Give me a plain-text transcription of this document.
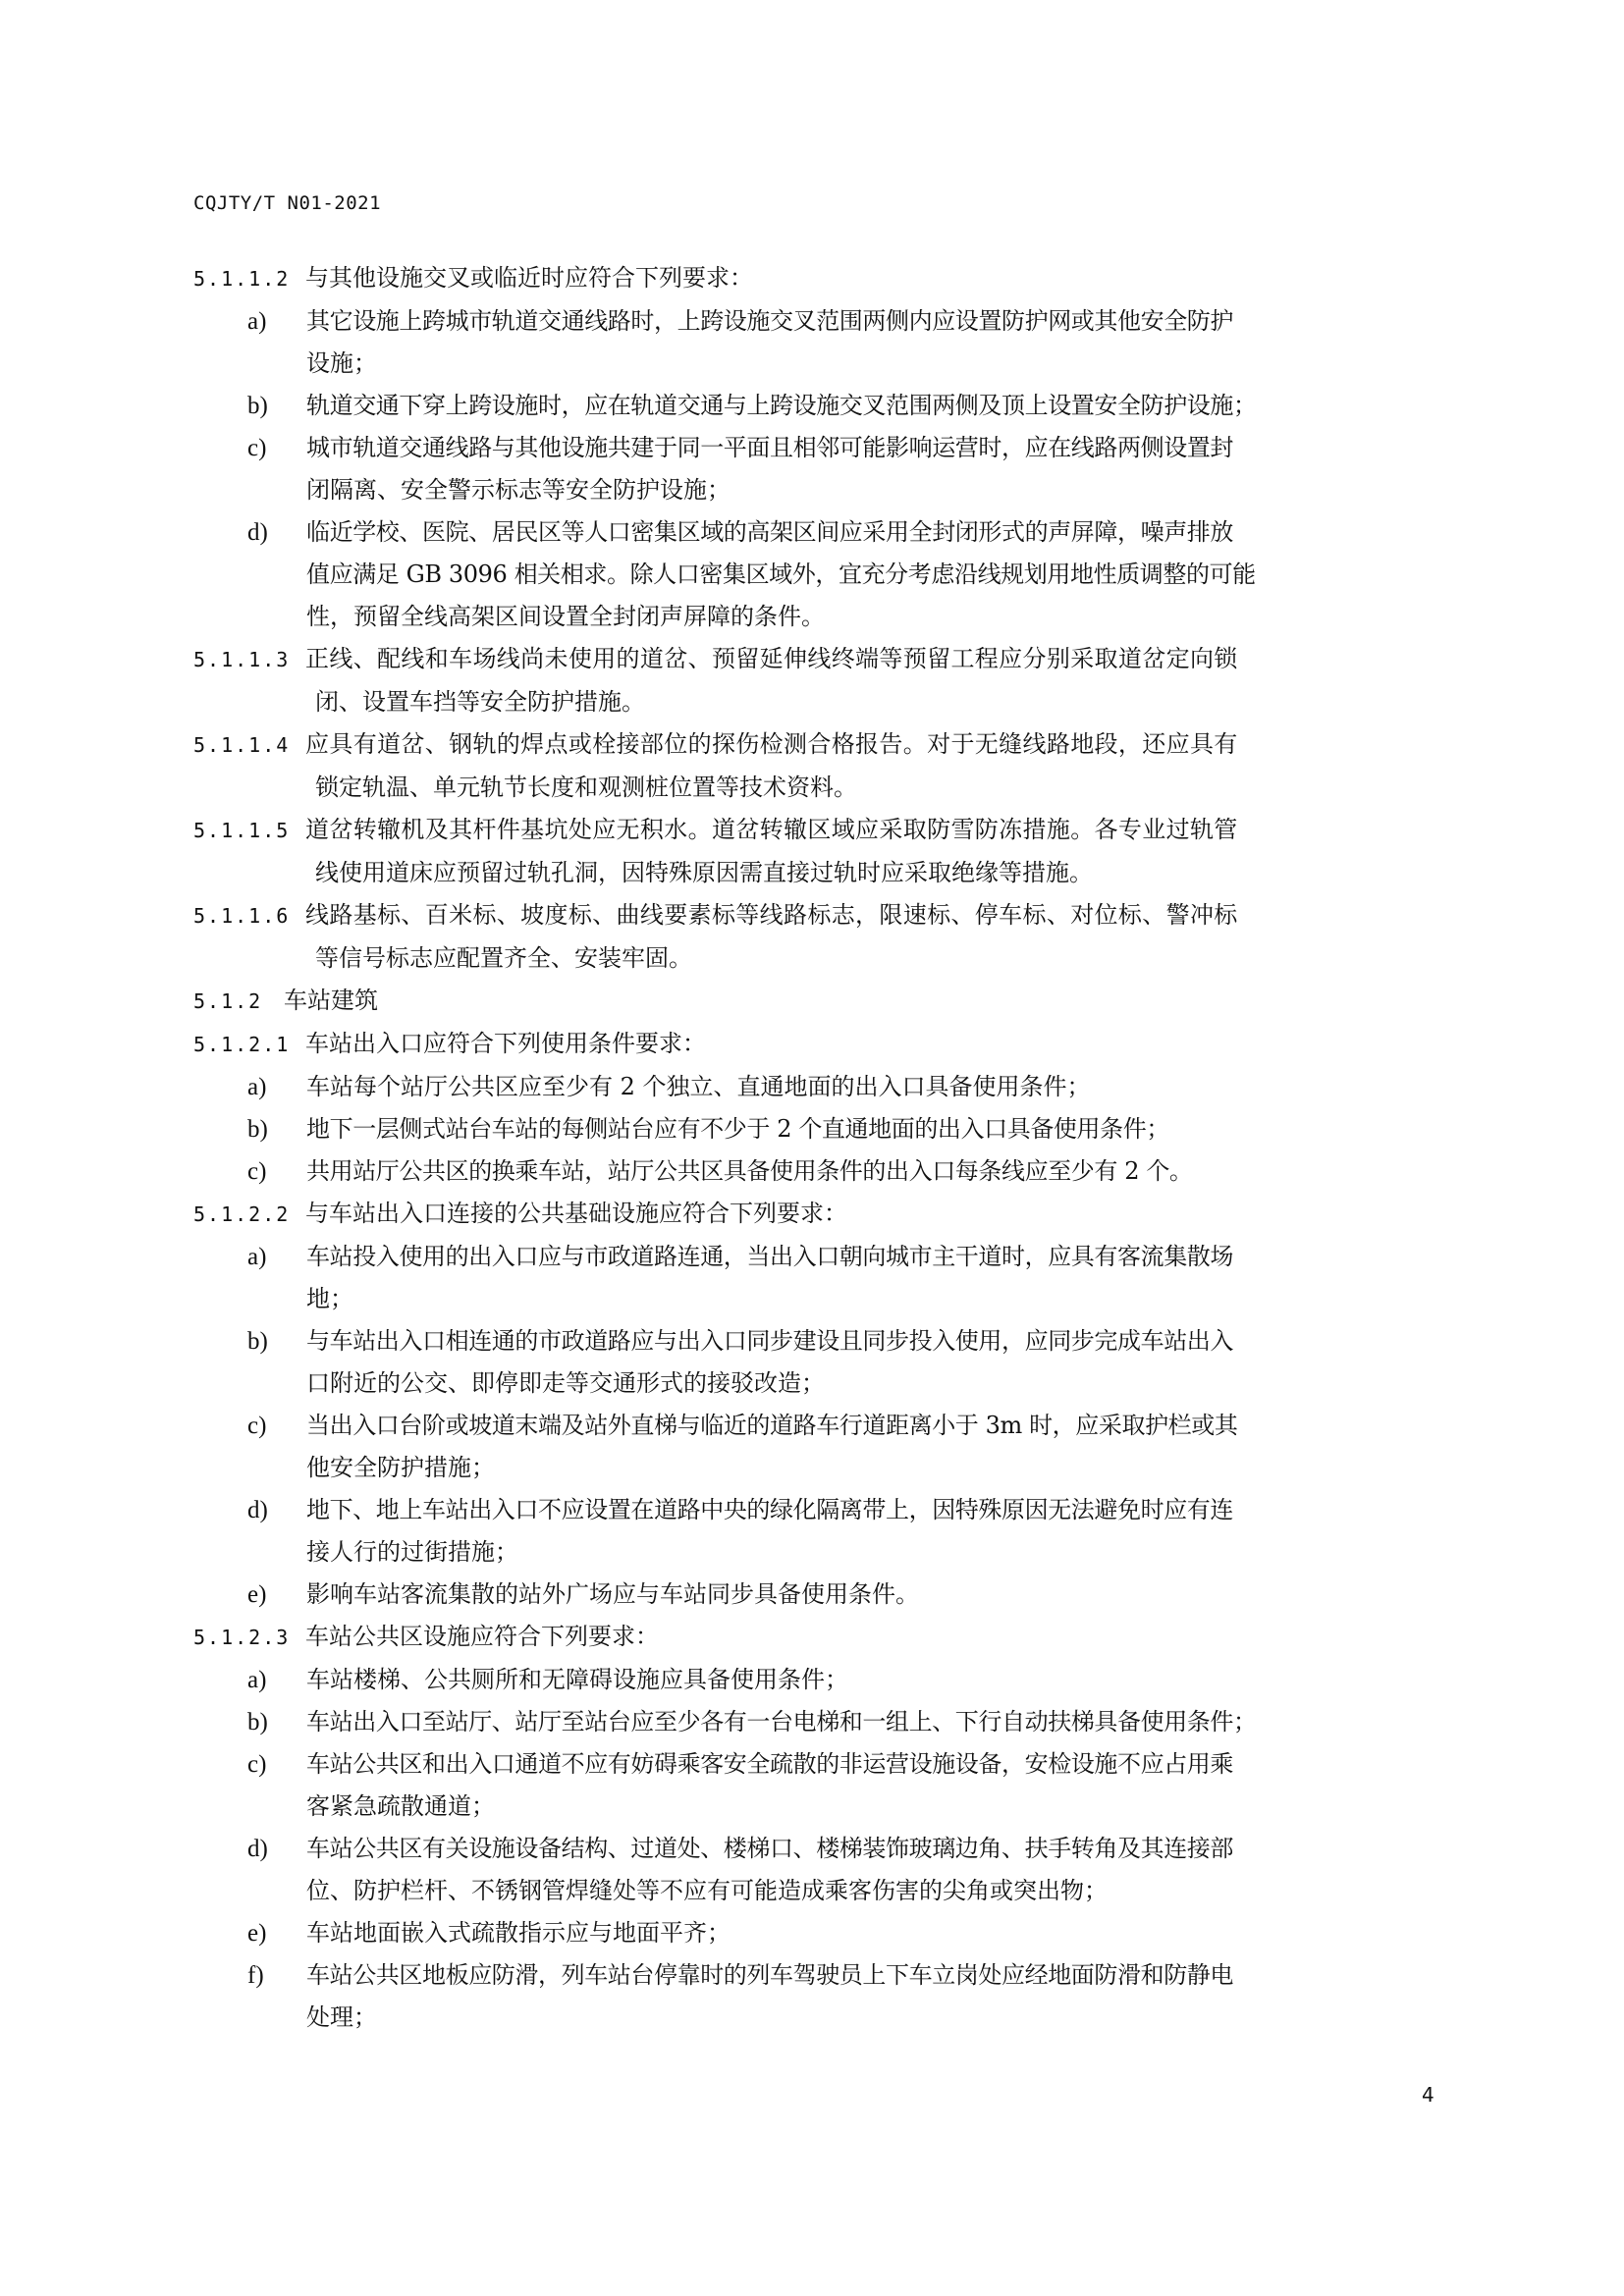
CQJTY/T N01-2021
5.1.1.2 与其他设施交叉或临近时应符合下列要求：
a) 其它设施上跨城市轨道交通线路时，上跨设施交叉范围两侧内应设置防护网或其他安全防护
设施；
b) 轨道交通下穿上跨设施时，应在轨道交通与上跨设施交叉范围两侧及顶上设置安全防护设施；
c) 城市轨道交通线路与其他设施共建于同一平面且相邻可能影响运营时，应在线路两侧设置封
闭隔离、安全警示标志等安全防护设施；
d) 临近学校、医院、居民区等人口密集区域的高架区间应采用全封闭形式的声屏障，噪声排放
值应满足 GB 3096 相关相求。除人口密集区域外，宜充分考虑沿线规划用地性质调整的可能
性，预留全线高架区间设置全封闭声屏障的条件。
5.1.1.3 正线、配线和车场线尚未使用的道岔、预留延伸线终端等预留工程应分别采取道岔定向锁
闭、设置车挡等安全防护措施。
5.1.1.4 应具有道岔、钢轨的焊点或栓接部位的探伤检测合格报告。对于无缝线路地段，还应具有
锁定轨温、单元轨节长度和观测桩位置等技术资料。
5.1.1.5 道岔转辙机及其杆件基坑处应无积水。道岔转辙区域应采取防雪防冻措施。各专业过轨管
线使用道床应预留过轨孔洞，因特殊原因需直接过轨时应采取绝缘等措施。
5.1.1.6 线路基标、百米标、坡度标、曲线要素标等线路标志，限速标、停车标、对位标、警冲标
等信号标志应配置齐全、安装牢固。
5.1.2 车站建筑
5.1.2.1 车站出入口应符合下列使用条件要求：
a) 车站每个站厅公共区应至少有 2 个独立、直通地面的出入口具备使用条件；
b) 地下一层侧式站台车站的每侧站台应有不少于 2 个直通地面的出入口具备使用条件；
c) 共用站厅公共区的换乘车站，站厅公共区具备使用条件的出入口每条线应至少有 2 个。
5.1.2.2 与车站出入口连接的公共基础设施应符合下列要求：
a) 车站投入使用的出入口应与市政道路连通，当出入口朝向城市主干道时，应具有客流集散场
地；
b) 与车站出入口相连通的市政道路应与出入口同步建设且同步投入使用，应同步完成车站出入
口附近的公交、即停即走等交通形式的接驳改造；
c) 当出入口台阶或坡道末端及站外直梯与临近的道路车行道距离小于 3m 时，应采取护栏或其
他安全防护措施；
d) 地下、地上车站出入口不应设置在道路中央的绿化隔离带上，因特殊原因无法避免时应有连
接人行的过街措施；
e) 影响车站客流集散的站外广场应与车站同步具备使用条件。
5.1.2.3 车站公共区设施应符合下列要求：
a) 车站楼梯、公共厕所和无障碍设施应具备使用条件；
b) 车站出入口至站厅、站厅至站台应至少各有一台电梯和一组上、下行自动扶梯具备使用条件；
c) 车站公共区和出入口通道不应有妨碍乘客安全疏散的非运营设施设备，安检设施不应占用乘
客紧急疏散通道；
d) 车站公共区有关设施设备结构、过道处、楼梯口、楼梯装饰玻璃边角、扶手转角及其连接部
位、防护栏杆、不锈钢管焊缝处等不应有可能造成乘客伤害的尖角或突出物；
e) 车站地面嵌入式疏散指示应与地面平齐；
f) 车站公共区地板应防滑，列车站台停靠时的列车驾驶员上下车立岗处应经地面防滑和防静电
处理；
4
